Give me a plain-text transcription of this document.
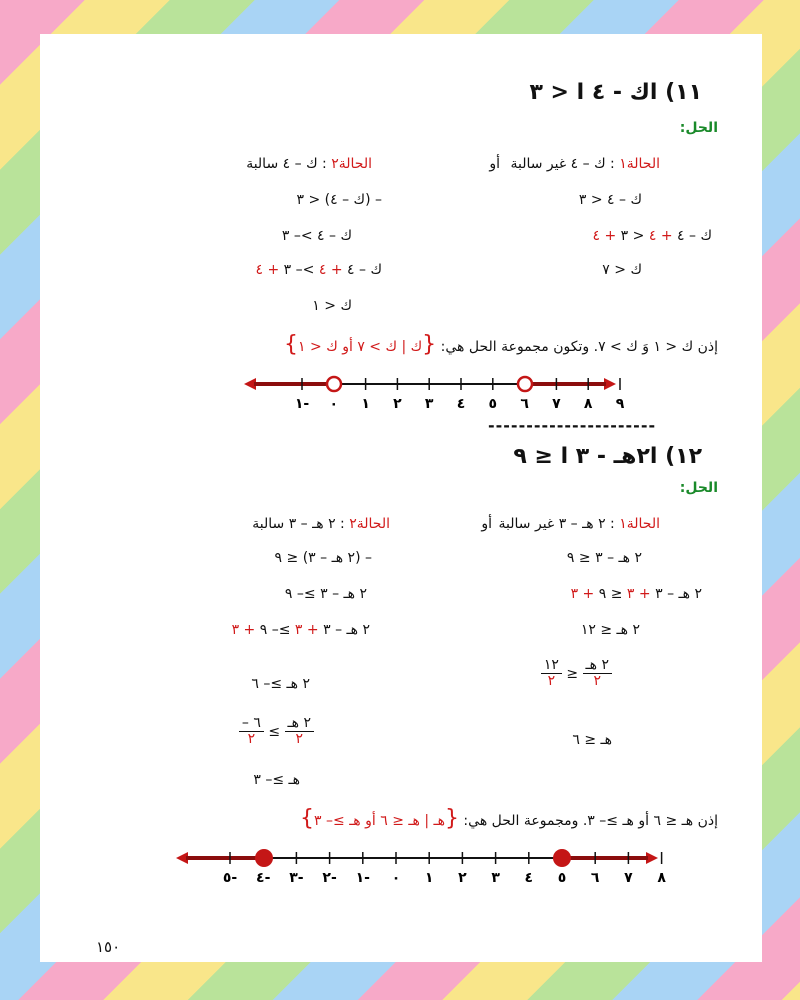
١١) اك - ٤ ا < ٣
الحل:
الحالة١ : ك – ٤ غير سالبة
أو
الحالة٢ : ك – ٤ سالبة
ك – ٤ < ٣
ك – ٤ + ٤ < ٣ + ٤
ك < ٧
– (ك – ٤) < ٣
ك – ٤ >– ٣
ك – ٤ + ٤ >– ٣ + ٤
ك < ١
إذن ك < ١ وَ ك > ٧. وتكون مجموعة الحل هي: {ك | ك > ٧ أو ك < ١}
١- ٠ ١ ٢ ٣ ٤ ٥ ٦ ٧ ٨ ٩
----------------------
١٢) ا٢هـ - ٣ ا ≤ ٩
الحل:
الحالة١ : ٢ هـ – ٣ غير سالبة
أو
الحالة٢ : ٢ هـ – ٣ سالبة
٢ هـ – ٣ ≤ ٩
٢ هـ – ٣ + ٣ ≤ ٩ + ٣
٢ هـ ≤ ١٢
$\frac{\text{٢ هـ}}{٢}$
≤
$\frac{١٢}{٢}$
هـ ≤ ٦
– (٢ هـ – ٣) ≤ ٩
٢ هـ – ٣ ≥– ٩
٢ هـ – ٣ + ٣ ≥– ٩ + ٣
٢ هـ ≥– ٦
$\frac{\text{٢ هـ}}{٢}$
≥
$\frac{٦ -}{٢}$
هـ ≥– ٣
إذن هـ ≤ ٦ أو هـ ≥– ٣. ومجموعة الحل هي: {هـ | هـ ≤ ٦ أو هـ ≥– ٣}
٥- ٤- ٣- ٢- ١- ٠ ١ ٢ ٣ ٤ ٥ ٦ ٧ ٨
١٥٠
